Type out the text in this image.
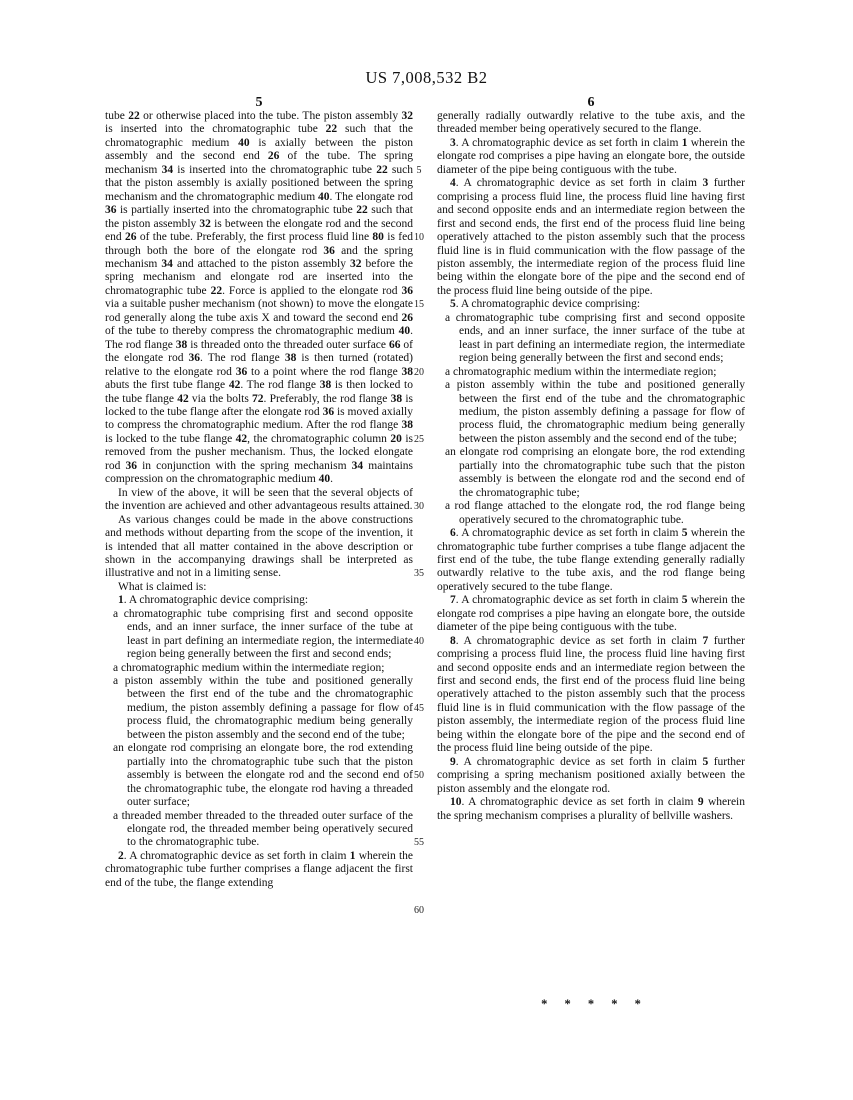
US 7,008,532 B2
5

tube 22 or otherwise placed into the tube. The piston assembly 32 is inserted into the chromatographic tube 22 such that the chromatographic medium 40 is axially between the piston assembly and the second end 26 of the tube. The spring mechanism 34 is inserted into the chromatographic tube 22 such that the piston assembly is axially positioned between the spring mechanism and the chromatographic medium 40. The elongate rod 36 is partially inserted into the chromatographic tube 22 such that the piston assembly 32 is between the elongate rod and the second end 26 of the tube. Preferably, the first process fluid line 80 is fed through both the bore of the elongate rod 36 and the spring mechanism 34 and attached to the piston assembly 32 before the spring mechanism and elongate rod are inserted into the chromatographic tube 22. Force is applied to the elongate rod 36 via a suitable pusher mechanism (not shown) to move the elongate rod generally along the tube axis X and toward the second end 26 of the tube to thereby compress the chromatographic medium 40. The rod flange 38 is threaded onto the threaded outer surface 66 of the elongate rod 36. The rod flange 38 is then turned (rotated) relative to the elongate rod 36 to a point where the rod flange 38 abuts the first tube flange 42. The rod flange 38 is then locked to the tube flange 42 via the bolts 72. Preferably, the rod flange 38 is locked to the tube flange after the elongate rod 36 is moved axially to compress the chromatographic medium. After the rod flange 38 is locked to the tube flange 42, the chromatographic column 20 is removed from the pusher mechanism. Thus, the locked elongate rod 36 in conjunction with the spring mechanism 34 maintains compression on the chromatographic medium 40.

In view of the above, it will be seen that the several objects of the invention are achieved and other advantageous results attained.

As various changes could be made in the above constructions and methods without departing from the scope of the invention, it is intended that all matter contained in the above description or shown in the accompanying drawings shall be interpreted as illustrative and not in a limiting sense.

What is claimed is:

1. A chromatographic device comprising:

a chromatographic tube comprising first and second opposite ends, and an inner surface, the inner surface of the tube at least in part defining an intermediate region, the intermediate region being generally between the first and second ends;

a chromatographic medium within the intermediate region;

a piston assembly within the tube and positioned generally between the first end of the tube and the chromatographic medium, the piston assembly defining a passage for flow of process fluid, the chromatographic medium being generally between the piston assembly and the second end of the tube;

an elongate rod comprising an elongate bore, the rod extending partially into the chromatographic tube such that the piston assembly is between the elongate rod and the second end of the chromatographic tube, the elongate rod having a threaded outer surface;

a threaded member threaded to the threaded outer surface of the elongate rod, the threaded member being operatively secured to the chromatographic tube.

2. A chromatographic device as set forth in claim 1 wherein the chromatographic tube further comprises a flange adjacent the first end of the tube, the flange extending

6

generally radially outwardly relative to the tube axis, and the threaded member being operatively secured to the flange.

3. A chromatographic device as set forth in claim 1 wherein the elongate rod comprises a pipe having an elongate bore, the outside diameter of the pipe being contiguous with the tube.

4. A chromatographic device as set forth in claim 3 further comprising a process fluid line, the process fluid line having first and second opposite ends and an intermediate region between the first and second ends, the first end of the process fluid line being operatively attached to the piston assembly such that the process fluid line is in fluid communication with the flow passage of the piston assembly, the intermediate region of the process fluid line being within the elongate bore of the pipe and the second end of the process fluid line being outside of the pipe.

5. A chromatographic device comprising:

a chromatographic tube comprising first and second opposite ends, and an inner surface, the inner surface of the tube at least in part defining an intermediate region, the intermediate region being generally between the first and second ends;

a chromatographic medium within the intermediate region;

a piston assembly within the tube and positioned generally between the first end of the tube and the chromatographic medium, the piston assembly defining a passage for flow of process fluid, the chromatographic medium being generally between the piston assembly and the second end of the tube;

an elongate rod comprising an elongate bore, the rod extending partially into the chromatographic tube such that the piston assembly is between the elongate rod and the second end of the chromatographic tube;

a rod flange attached to the elongate rod, the rod flange being operatively secured to the chromatographic tube.

6. A chromatographic device as set forth in claim 5 wherein the chromatographic tube further comprises a tube flange adjacent the first end of the tube, the tube flange extending generally radially outwardly relative to the tube axis, and the rod flange being operatively secured to the tube flange.

7. A chromatographic device as set forth in claim 5 wherein the elongate rod comprises a pipe having an elongate bore, the outside diameter of the pipe being contiguous with the tube.

8. A chromatographic device as set forth in claim 7 further comprising a process fluid line, the process fluid line having first and second opposite ends and an intermediate region between the first and second ends, the first end of the process fluid line being operatively attached to the piston assembly such that the process fluid line is in fluid communication with the flow passage of the piston assembly, the intermediate region of the process fluid line being within the elongate bore of the pipe and the second end of the process fluid line being outside of the pipe.

9. A chromatographic device as set forth in claim 5 further comprising a spring mechanism positioned axially between the piston assembly and the elongate rod.

10. A chromatographic device as set forth in claim 9 wherein the spring mechanism comprises a plurality of bellville washers.

5
10
15
20
25
30
35
40
45
50
55
60
* * * * *
